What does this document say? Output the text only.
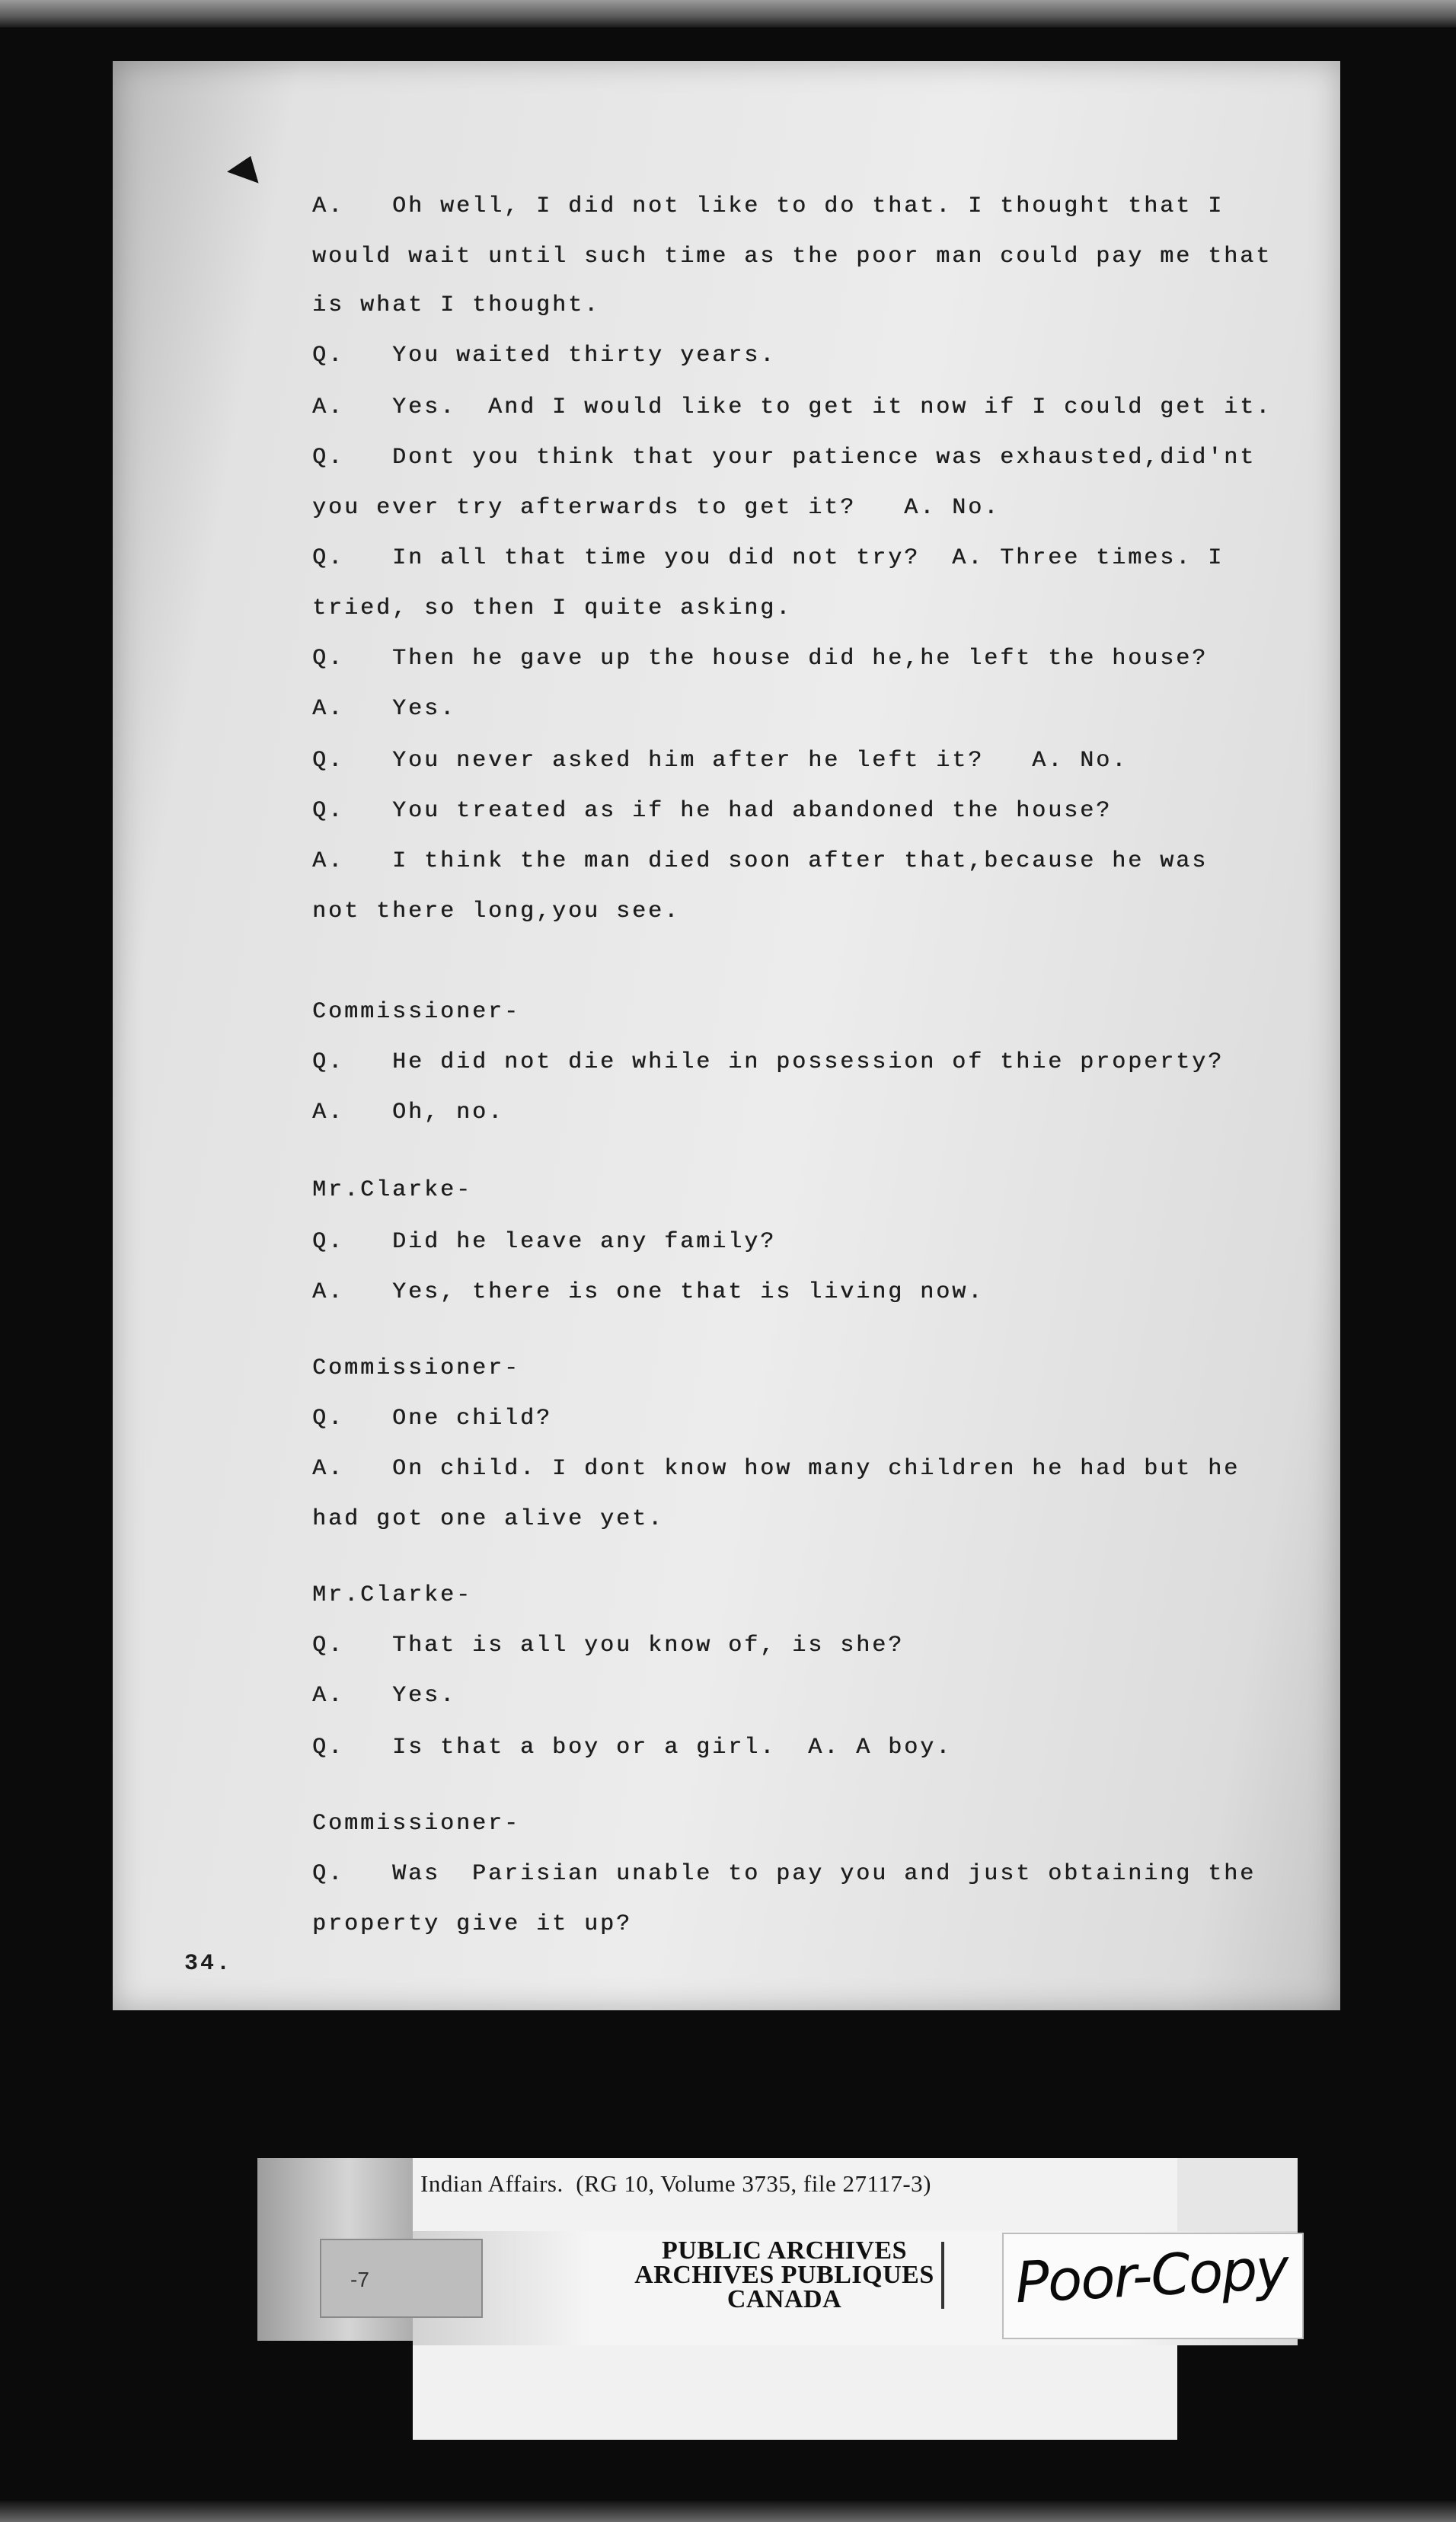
A.   Oh well, I did not like to do that. I thought that I
would wait until such time as the poor man could pay me that
is what I thought.
Q.   You waited thirty years.
A.   Yes.  And I would like to get it now if I could get it.
Q.   Dont you think that your patience was exhausted,did'nt
you ever try afterwards to get it?   A. No.
Q.   In all that time you did not try?  A. Three times. I
tried, so then I quite asking.
Q.   Then he gave up the house did he,he left the house?
A.   Yes.
Q.   You never asked him after he left it?   A. No.
Q.   You treated as if he had abandoned the house?
A.   I think the man died soon after that,because he was
not there long,you see.
Commissioner-
Q.   He did not die while in possession of thie property?
A.   Oh, no.
Mr.Clarke-
Q.   Did he leave any family?
A.   Yes, there is one that is living now.
Commissioner-
Q.   One child?
A.   On child. I dont know how many children he had but he
had got one alive yet.
Mr.Clarke-
Q.   That is all you know of, is she?
A.   Yes.
Q.   Is that a boy or a girl.  A. A boy.
Commissioner-
Q.   Was  Parisian unable to pay you and just obtaining the
property give it up?
34.
-7
Indian Affairs.  (RG 10, Volume 3735, file 27117-3)
PUBLIC ARCHIVES
ARCHIVES PUBLIQUES
CANADA	Poor-Copy
